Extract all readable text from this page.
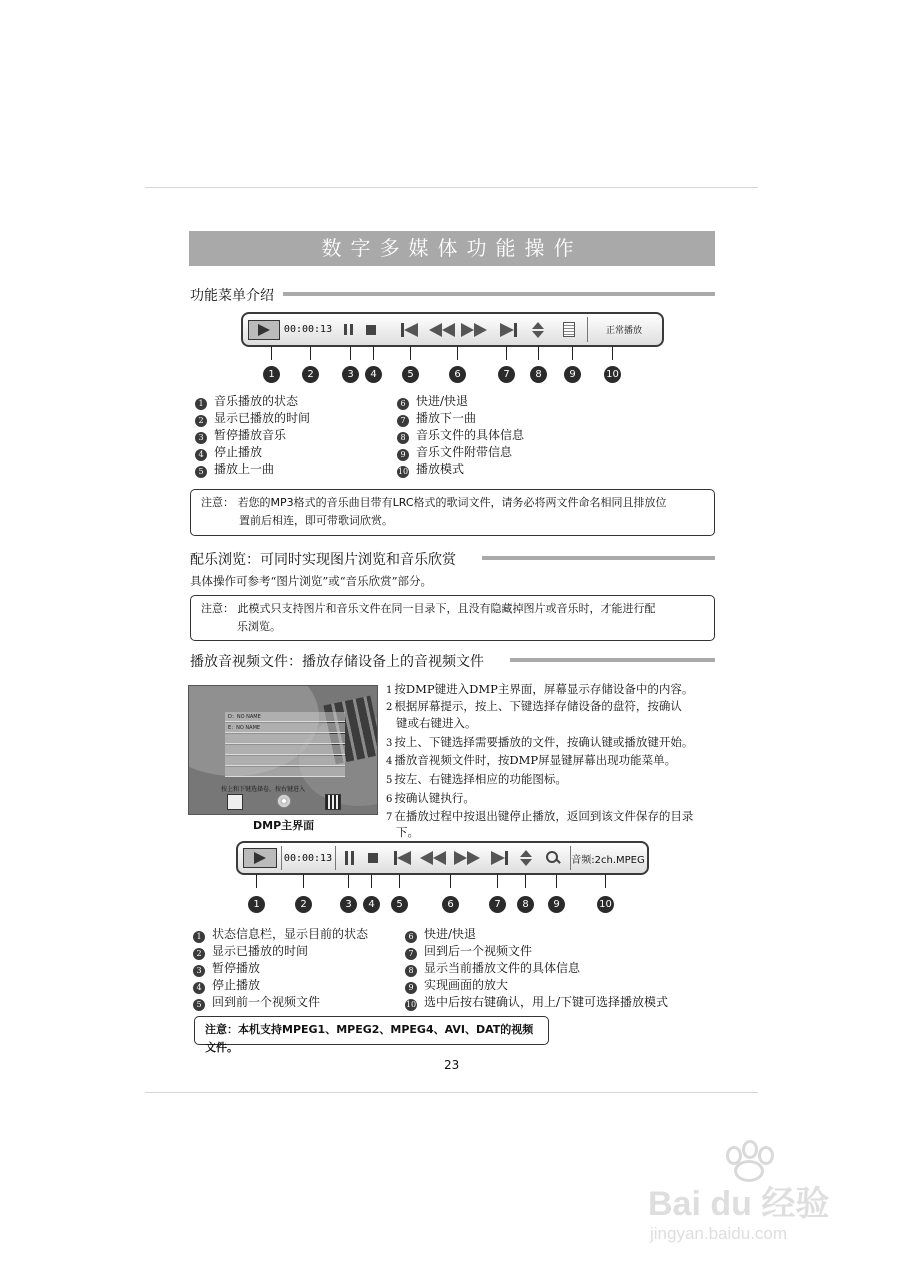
数字多媒体功能操作
功能菜单介绍
00:00:13	正常播放
1	2	3	4	5	6	7	8	9	10
1 音乐播放的状态
2 显示已播放的时间
3 暂停播放音乐
4 停止播放
5 播放上一曲
6 快进/快退
7 播放下一曲
8 音乐文件的具体信息
9 音乐文件附带信息
10 播放模式
注意： 若您的MP3格式的音乐曲目带有LRC格式的歌词文件，请务必将两文件命名相同且排放位
置前后相连，即可带歌词欣赏。
配乐浏览：可同时实现图片浏览和音乐欣赏
具体操作可参考“图片浏览”或“音乐欣赏”部分。
注意： 此模式只支持图片和音乐文件在同一目录下，且没有隐藏掉图片或音乐时，才能进行配
乐浏览。
播放音视频文件：播放存储设备上的音视频文件
D：NO NAME
E：NO NAME
按上和下键选择卷，按右键进入
DMP主界面
1 按DMP键进入DMP主界面，屏幕显示存储设备中的内容。
2 根据屏幕提示，按上、下键选择存储设备的盘符，按确认
键或右键进入。
3 按上、下键选择需要播放的文件，按确认键或播放键开始。
4 播放音视频文件时，按DMP屏显键屏幕出现功能菜单。
5 按左、右键选择相应的功能图标。
6 按确认键执行。
7 在播放过程中按退出键停止播放，返回到该文件保存的目录
下。
00:00:13	音频:2ch.MPEG
1	2	3	4	5	6	7	8	9	10
1 状态信息栏，显示目前的状态
2 显示已播放的时间
3 暂停播放
4 停止播放
5 回到前一个视频文件
6 快进/快退
7 回到后一个视频文件
8 显示当前播放文件的具体信息
9 实现画面的放大
10 选中后按右键确认，用上/下键可选择播放模式
注意：本机支持MPEG1、MPEG2、MPEG4、AVI、DAT的视频文件。
23
Bai du 经验
jingyan.baidu.com
